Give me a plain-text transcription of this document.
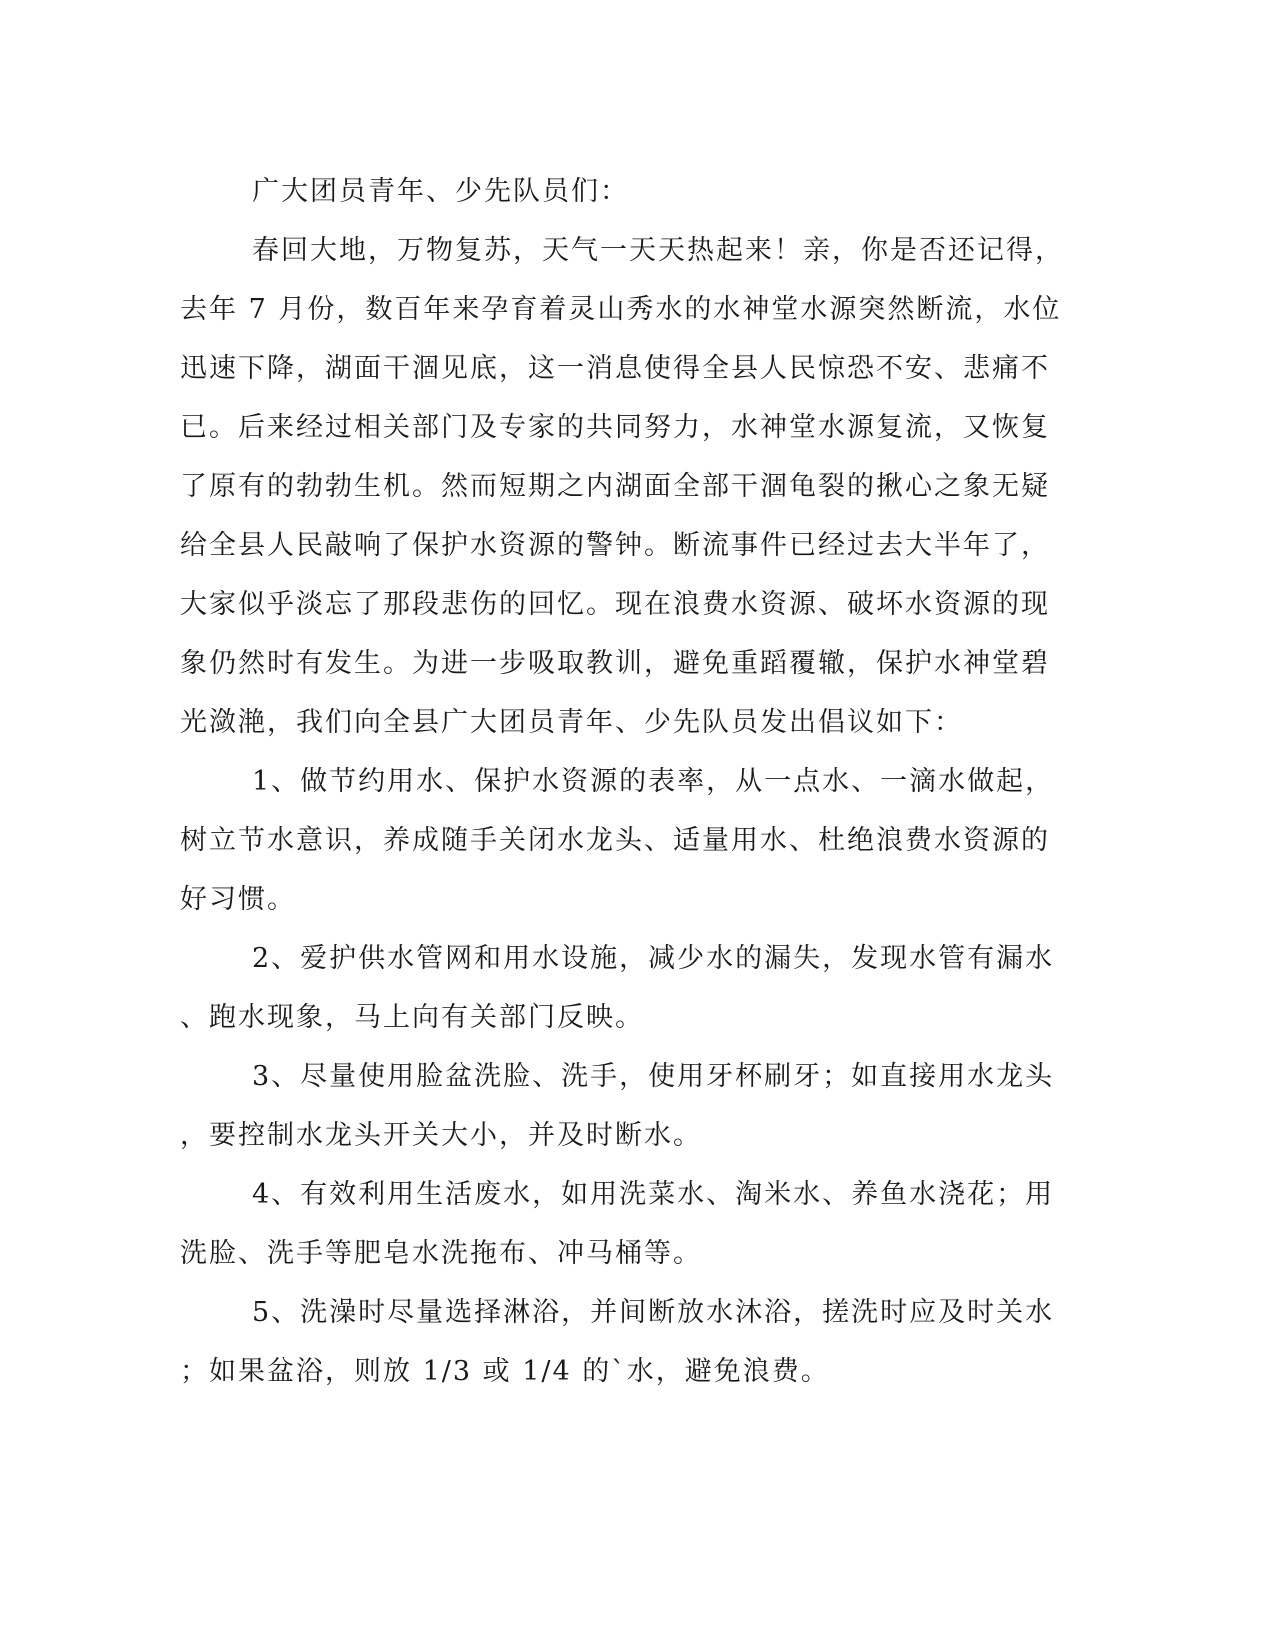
广大团员青年、少先队员们：
春回大地，万物复苏，天气一天天热起来！亲，你是否还记得，
去年 7 月份，数百年来孕育着灵山秀水的水神堂水源突然断流，水位
迅速下降，湖面干涸见底，这一消息使得全县人民惊恐不安、悲痛不
已。后来经过相关部门及专家的共同努力，水神堂水源复流，又恢复
了原有的勃勃生机。然而短期之内湖面全部干涸龟裂的揪心之象无疑
给全县人民敲响了保护水资源的警钟。断流事件已经过去大半年了，
大家似乎淡忘了那段悲伤的回忆。现在浪费水资源、破坏水资源的现
象仍然时有发生。为进一步吸取教训，避免重蹈覆辙，保护水神堂碧
光潋滟，我们向全县广大团员青年、少先队员发出倡议如下：
1、做节约用水、保护水资源的表率，从一点水、一滴水做起，
树立节水意识，养成随手关闭水龙头、适量用水、杜绝浪费水资源的
好习惯。
2、爱护供水管网和用水设施，减少水的漏失，发现水管有漏水
、跑水现象，马上向有关部门反映。
3、尽量使用脸盆洗脸、洗手，使用牙杯刷牙；如直接用水龙头
，要控制水龙头开关大小，并及时断水。
4、有效利用生活废水，如用洗菜水、淘米水、养鱼水浇花；用
洗脸、洗手等肥皂水洗拖布、冲马桶等。
5、洗澡时尽量选择淋浴，并间断放水沐浴，搓洗时应及时关水
；如果盆浴，则放 1/3 或 1/4 的`水，避免浪费。
